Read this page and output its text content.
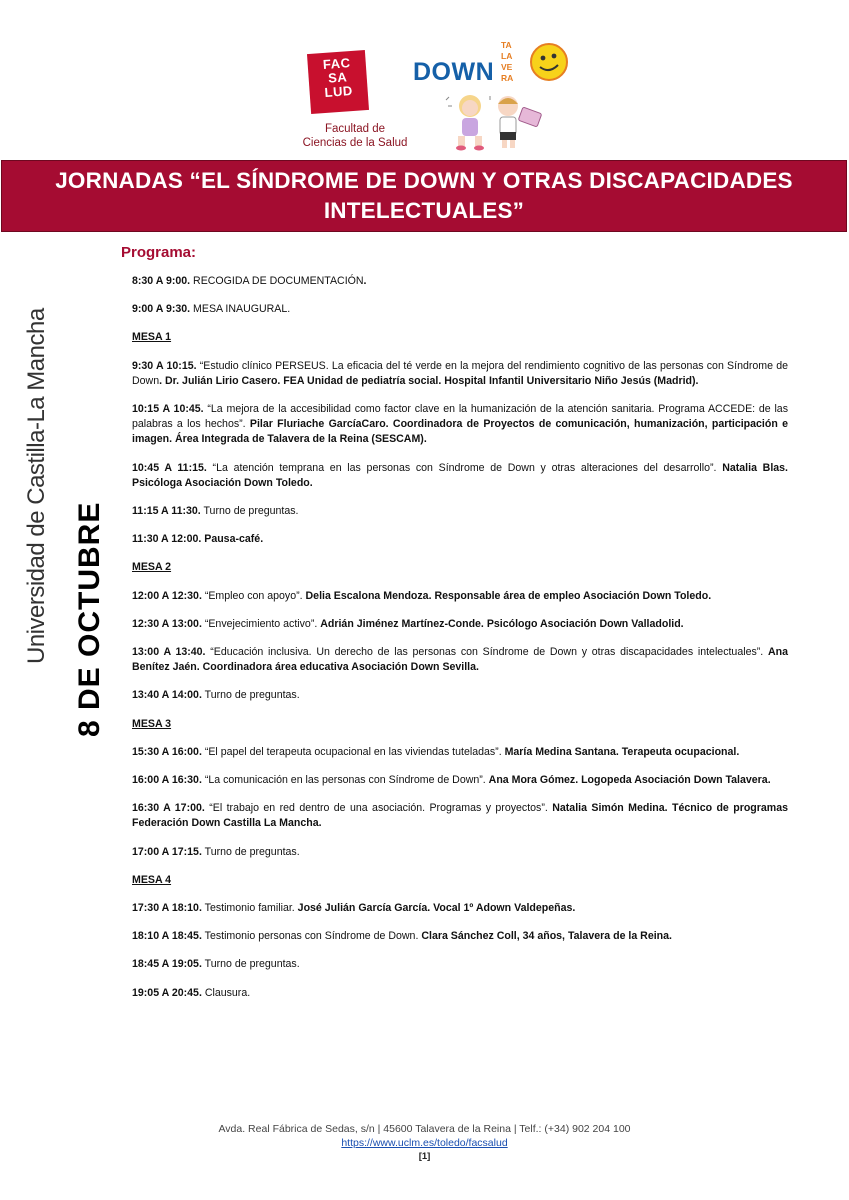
FAC
SA
LUD
Facultad de
Ciencias de la Salud
DOWN
TA
LA
VE
RA
JORNADAS “EL SÍNDROME DE DOWN Y OTRAS DISCAPACIDADES
INTELECTUALES”
Universidad de Castilla-La Mancha 8 DE OCTUBRE
Programa:
8:30 A 9:00. RECOGIDA DE DOCUMENTACIÓN.
9:00 A 9:30. MESA INAUGURAL.
MESA 1
9:30 A 10:15. “Estudio clínico PERSEUS. La eficacia del té verde en la mejora del rendimiento cognitivo de las personas con Síndrome de Down. Dr. Julián Lirio Casero. FEA Unidad de pediatría social. Hospital Infantil Universitario Niño Jesús (Madrid).
10:15 A 10:45. “La mejora de la accesibilidad como factor clave en la humanización de la atención sanitaria. Programa ACCEDE: de las palabras a los hechos”. Pilar Fluriache GarcíaCaro. Coordinadora de Proyectos de comunicación, humanización, participación e imagen. Área Integrada de Talavera de la Reina (SESCAM).
10:45 A 11:15. “La atención temprana en las personas con Síndrome de Down y otras alteraciones del desarrollo”. Natalia Blas. Psicóloga Asociación Down Toledo.
11:15 A 11:30. Turno de preguntas.
11:30 A 12:00. Pausa-café.
MESA 2
12:00 A 12:30. “Empleo con apoyo”. Delia Escalona Mendoza. Responsable área de empleo Asociación Down Toledo.
12:30 A 13:00. “Envejecimiento activo”. Adrián Jiménez Martínez-Conde. Psicólogo Asociación Down Valladolid.
13:00 A 13:40. “Educación inclusiva. Un derecho de las personas con Síndrome de Down y otras discapacidades intelectuales”. Ana Benítez Jaén. Coordinadora área educativa Asociación Down Sevilla.
13:40 A 14:00. Turno de preguntas.
MESA 3
15:30 A 16:00. “El papel del terapeuta ocupacional en las viviendas tuteladas”. María Medina Santana. Terapeuta ocupacional.
16:00 A 16:30. “La comunicación en las personas con Síndrome de Down”. Ana Mora Gómez. Logopeda Asociación Down Talavera.
16:30 A 17:00. “El trabajo en red dentro de una asociación. Programas y proyectos”. Natalia Simón Medina. Técnico de programas Federación Down Castilla La Mancha.
17:00 A 17:15. Turno de preguntas.
MESA 4
17:30 A 18:10. Testimonio familiar. José Julián García García. Vocal 1º Adown Valdepeñas.
18:10 A 18:45. Testimonio personas con Síndrome de Down. Clara Sánchez Coll, 34 años, Talavera de la Reina.
18:45 A 19:05. Turno de preguntas.
19:05 A 20:45. Clausura.
Avda. Real Fábrica de Sedas, s/n | 45600 Talavera de la Reina | Telf.: (+34) 902 204 100
https://www.uclm.es/toledo/facsalud
[1]
